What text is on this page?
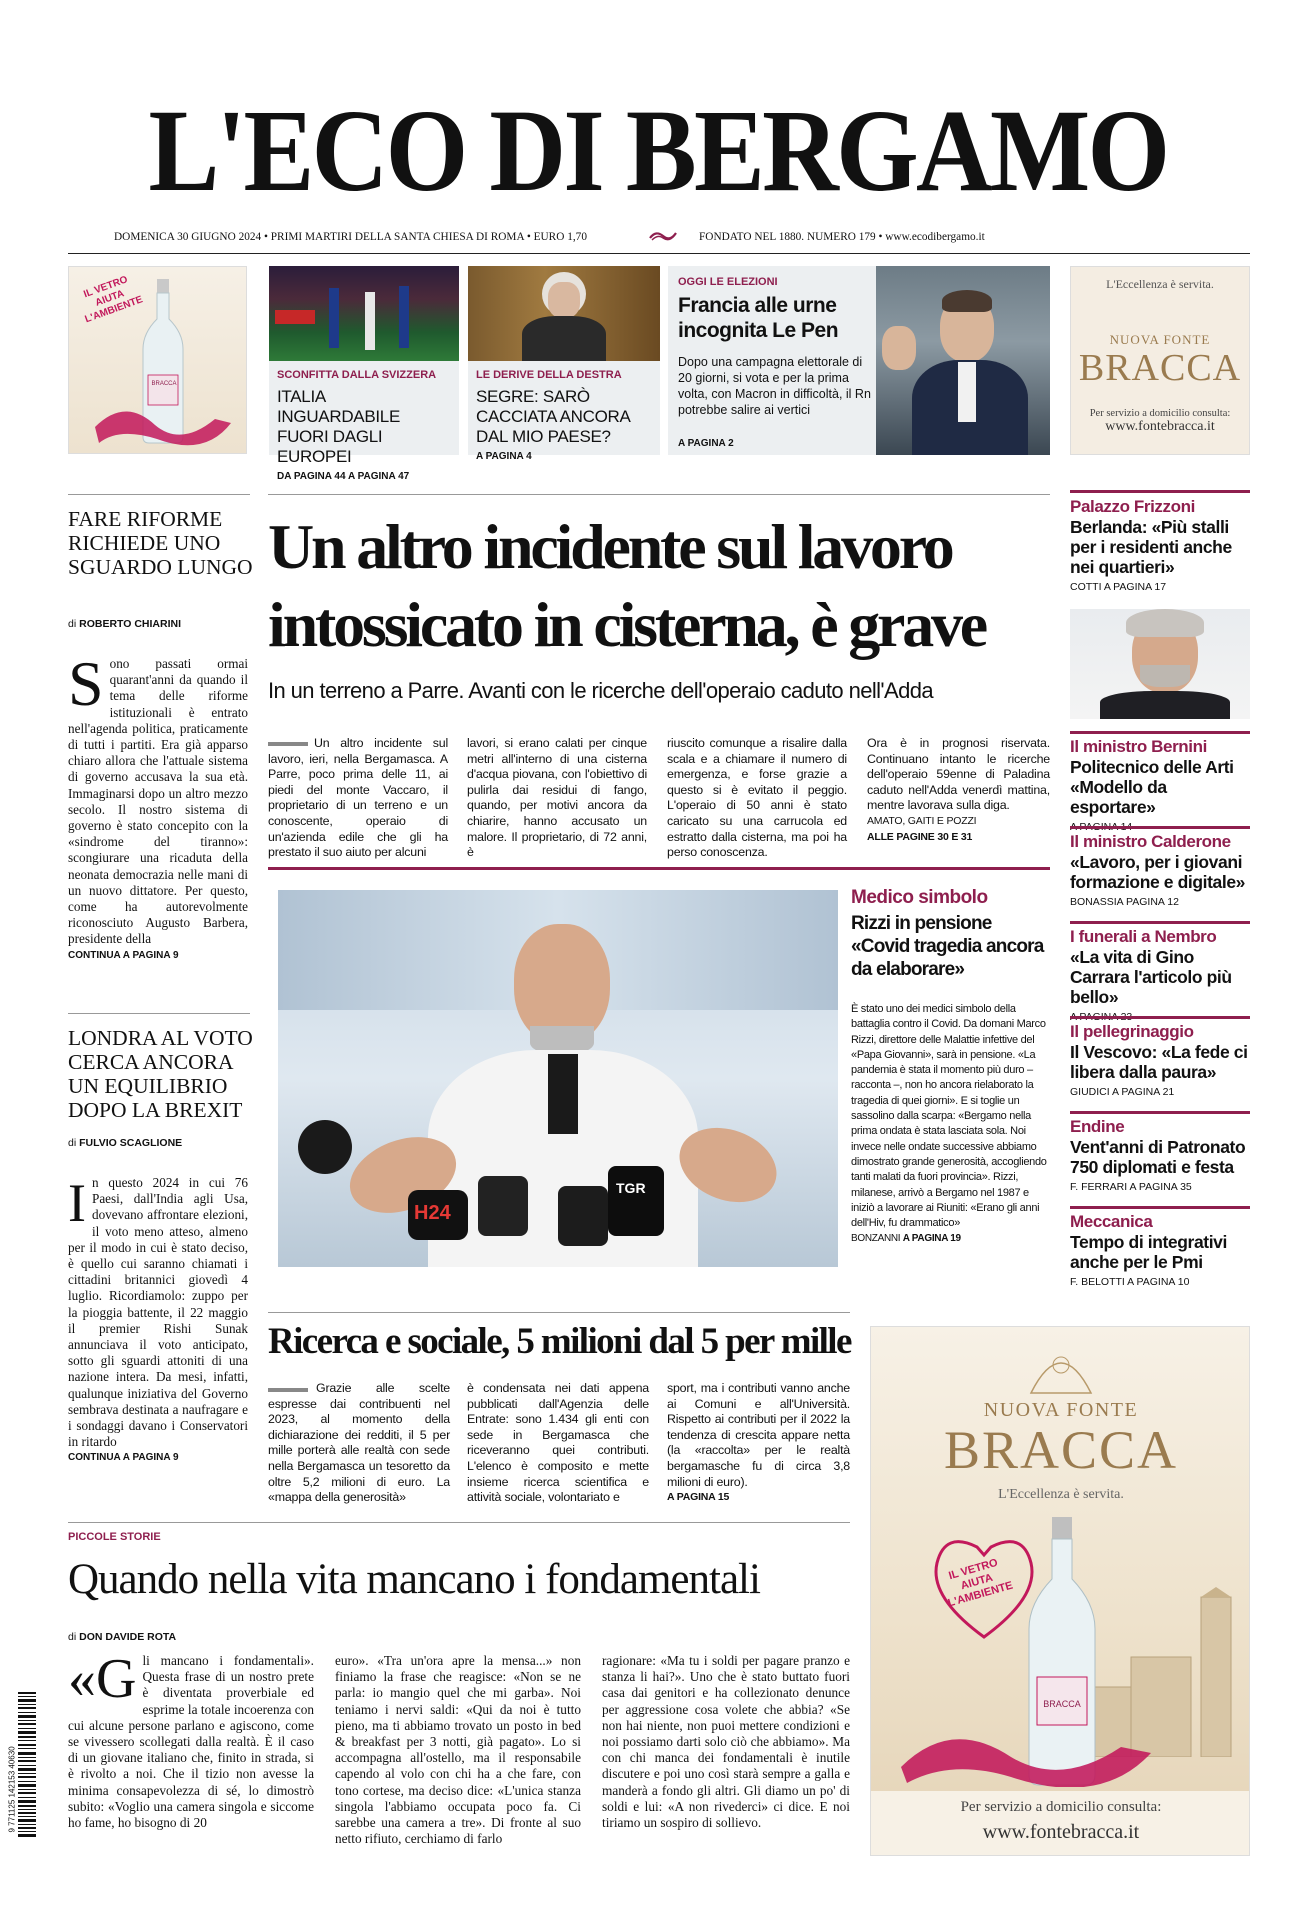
L'ECO DI BERGAMO
DOMENICA 30 GIUGNO 2024 • PRIMI MARTIRI DELLA SANTA CHIESA DI ROMA • EURO 1,70	FONDATO NEL 1880. NUMERO 179 • www.ecodibergamo.it
IL VETRO AIUTA L'AMBIENTE
BRACCA
SCONFITTA DALLA SVIZZERA
ITALIA INGUARDABILE FUORI DAGLI EUROPEI
DA PAGINA 44 A PAGINA 47
LE DERIVE DELLA DESTRA
SEGRE: SARÒ CACCIATA ANCORA DAL MIO PAESE?
A PAGINA 4
OGGI LE ELEZIONI
Francia alle urne incognita Le Pen
Dopo una campagna elettorale di 20 giorni, si vota e per la prima volta, con Macron in difficoltà, il Rn potrebbe salire ai vertici
A PAGINA 2
L'Eccellenza è servita.
NUOVA FONTE
BRACCA
Per servizio a domicilio consulta:
www.fontebracca.it
FARE RIFORME RICHIEDE UNO SGUARDO LUNGO
di ROBERTO CHIARINI
Sono passati ormai quarant'anni da quando il tema delle riforme istituzionali è entrato nell'agenda politica, praticamente di tutti i partiti. Era già apparso chiaro allora che l'attuale sistema di governo accusava la sua età. Immaginarsi dopo un altro mezzo secolo. Il nostro sistema di governo è stato concepito con la «sindrome del tiranno»: scongiurare una ricaduta della neonata democrazia nelle mani di un nuovo dittatore. Per questo, come ha autorevolmente riconosciuto Augusto Barbera, presidente della
CONTINUA A PAGINA 9
LONDRA AL VOTO CERCA ANCORA UN EQUILIBRIO DOPO LA BREXIT
di FULVIO SCAGLIONE
In questo 2024 in cui 76 Paesi, dall'India agli Usa, dovevano affrontare elezioni, il voto meno atteso, almeno per il modo in cui è stato deciso, è quello cui saranno chiamati i cittadini britannici giovedì 4 luglio. Ricordiamolo: zuppo per la pioggia battente, il 22 maggio il premier Rishi Sunak annunciava il voto anticipato, sotto gli sguardi attoniti di una nazione intera. Da mesi, infatti, qualunque iniziativa del Governo sembrava destinata a naufragare e i sondaggi davano i Conservatori in ritardo
CONTINUA A PAGINA 9
Un altro incidente sul lavoro
intossicato in cisterna, è grave
In un terreno a Parre. Avanti con le ricerche dell'operaio caduto nell'Adda
Un altro incidente sul lavoro, ieri, nella Bergamasca. A Parre, poco prima delle 11, ai piedi del monte Vaccaro, il proprietario di un terreno e un conoscente, operaio di un'azienda edile che gli ha prestato il suo aiuto per alcuni
lavori, si erano calati per cinque metri all'interno di una cisterna d'acqua piovana, con l'obiettivo di pulirla dai residui di fango, quando, per motivi ancora da chiarire, hanno accusato un malore. Il proprietario, di 72 anni, è
riuscito comunque a risalire dalla scala e a chiamare il numero di emergenza, e forse grazie a questo si è evitato il peggio. L'operaio di 50 anni è stato caricato su una carrucola ed estratto dalla cisterna, ma poi ha perso conoscenza.
Ora è in prognosi riservata. Continuano intanto le ricerche dell'operaio 59enne di Paladina caduto nell'Adda venerdì mattina, mentre lavorava sulla diga.
AMATO, GAITI E POZZI
ALLE PAGINE 30 E 31
H24
TGR
Medico simbolo
Rizzi in pensione «Covid tragedia ancora da elaborare»
È stato uno dei medici simbolo della battaglia contro il Covid. Da domani Marco Rizzi, direttore delle Malattie infettive del «Papa Giovanni», sarà in pensione. «La pandemia è stata il momento più duro – racconta –, non ho ancora rielaborato la tragedia di quei giorni». E si toglie un sassolino dalla scarpa: «Bergamo nella prima ondata è stata lasciata sola. Noi invece nelle ondate successive abbiamo dimostrato grande generosità, accogliendo tanti malati da fuori provincia». Rizzi, milanese, arrivò a Bergamo nel 1987 e iniziò a lavorare ai Riuniti: «Erano gli anni dell'Hiv, fu drammatico»
BONZANNI A PAGINA 19
Ricerca e sociale, 5 milioni dal 5 per mille
Grazie alle scelte espresse dai contribuenti nel 2023, al momento della dichiarazione dei redditi, il 5 per mille porterà alle realtà con sede nella Bergamasca un tesoretto da oltre 5,2 milioni di euro. La «mappa della generosità»
è condensata nei dati appena pubblicati dall'Agenzia delle Entrate: sono 1.434 gli enti con sede in Bergamasca che riceveranno quei contributi. L'elenco è composito e mette insieme ricerca scientifica e attività sociale, volontariato e
sport, ma i contributi vanno anche ai Comuni e all'Università. Rispetto ai contributi per il 2022 la tendenza di crescita appare netta (la «raccolta» per le realtà bergamasche fu di circa 3,8 milioni di euro).
A PAGINA 15
PICCOLE STORIE
Quando nella vita mancano i fondamentali
di DON DAVIDE ROTA
«Gli mancano i fondamentali». Questa frase di un nostro prete è diventata proverbiale ed esprime la totale incoerenza con cui alcune persone parlano e agiscono, come se vivessero scollegati dalla realtà. È il caso di un giovane italiano che, finito in strada, si è rivolto a noi. Che il tizio non avesse la minima consapevolezza di sé, lo dimostrò subito: «Voglio una camera singola e siccome ho fame, ho bisogno di 20
euro». «Tra un'ora apre la mensa...» non finiamo la frase che reagisce: «Non se ne parla: io mangio quel che mi garba». Noi teniamo i nervi saldi: «Qui da noi è tutto pieno, ma ti abbiamo trovato un posto in bed & breakfast per 3 notti, già pagato». Lo si accompagna all'ostello, ma il responsabile capendo al volo con chi ha a che fare, con tono cortese, ma deciso dice: «L'unica stanza singola l'abbiamo occupata poco fa. Ci sarebbe una camera a tre». Di fronte al suo netto rifiuto, cerchiamo di farlo
ragionare: «Ma tu i soldi per pagare pranzo e stanza li hai?». Uno che è stato buttato fuori casa dai genitori e ha collezionato denunce per aggressione cosa volete che abbia? «Se non hai niente, non puoi mettere condizioni e noi possiamo darti solo ciò che abbiamo». Ma con chi manca dei fondamentali è inutile discutere e poi uno così starà sempre a galla e manderà a fondo gli altri. Gli diamo un po' di soldi e lui: «A non rivederci» ci dice. E noi tiriamo un sospiro di sollievo.
9 771125 142153 40630
Palazzo Frizzoni
Berlanda: «Più stalli per i residenti anche nei quartieri»
COTTI A PAGINA 17
Il ministro Bernini
Politecnico delle Arti «Modello da esportare»
Il ministro Calderone
«Lavoro, per i giovani formazione e digitale»
BONASSIA PAGINA 12
I funerali a Nembro
«La vita di Gino Carrara l'articolo più bello»
Il pellegrinaggio
Il Vescovo: «La fede ci libera dalla paura»
GIUDICI A PAGINA 21
Endine
Vent'anni di Patronato 750 diplomati e festa
F. FERRARI A PAGINA 35
Meccanica
Tempo di integrativi anche per le Pmi
F. BELOTTI A PAGINA 10
NUOVA FONTE
BRACCA
L'Eccellenza è servita.
IL VETRO AIUTA L'AMBIENTE
BRACCA
Per servizio a domicilio consulta:
www.fontebracca.it
